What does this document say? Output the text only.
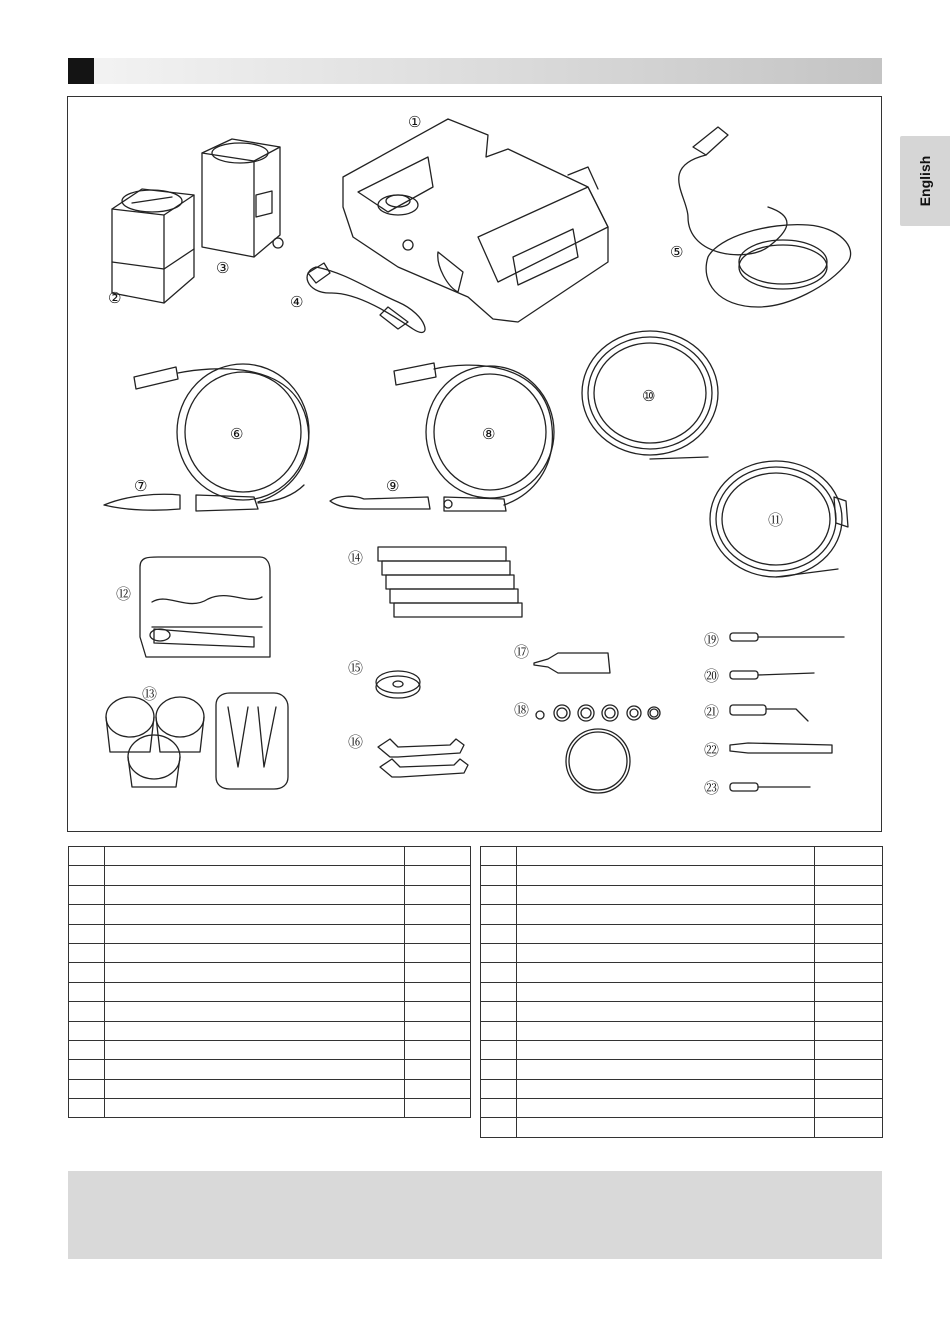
English
①
②
③
④
⑤
⑥
⑦
⑧
⑨
⑩
⑪
⑫
⑬
⑭
⑮
⑯
⑰
⑱
⑲
⑳
㉑
㉒
㉓
